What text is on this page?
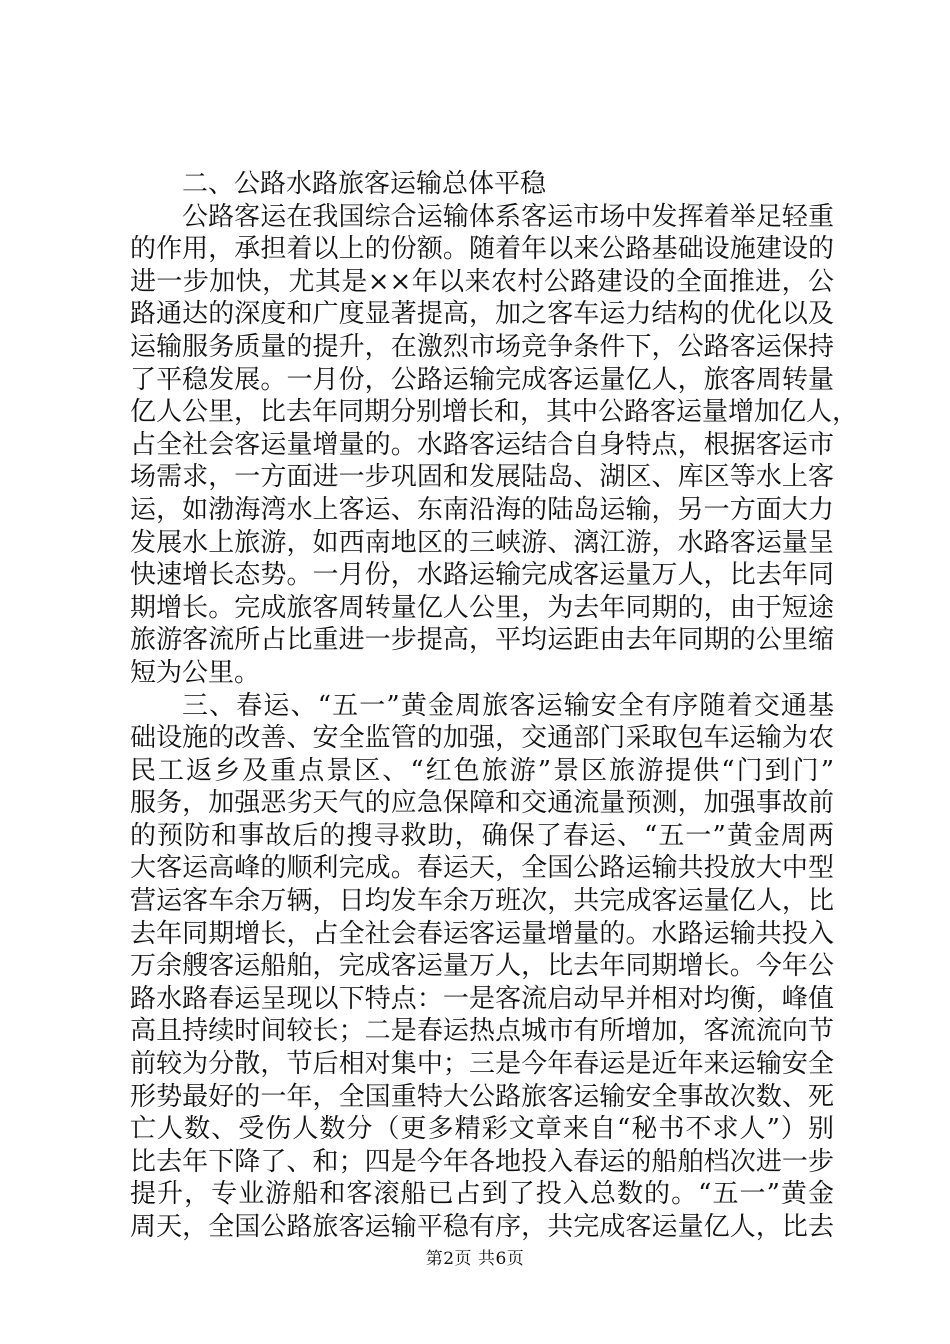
二、公路水路旅客运输总体平稳
公路客运在我国综合运输体系客运市场中发挥着举足轻重
的作用，承担着以上的份额。随着年以来公路基础设施建设的
进一步加快，尤其是××年以来农村公路建设的全面推进，公
路通达的深度和广度显著提高，加之客车运力结构的优化以及
运输服务质量的提升，在激烈市场竞争条件下，公路客运保持
了平稳发展。一月份，公路运输完成客运量亿人，旅客周转量
亿人公里，比去年同期分别增长和，其中公路客运量增加亿人，
占全社会客运量增量的。水路客运结合自身特点，根据客运市
场需求，一方面进一步巩固和发展陆岛、湖区、库区等水上客
运，如渤海湾水上客运、东南沿海的陆岛运输，另一方面大力
发展水上旅游，如西南地区的三峡游、漓江游，水路客运量呈
快速增长态势。一月份，水路运输完成客运量万人，比去年同
期增长。完成旅客周转量亿人公里，为去年同期的，由于短途
旅游客流所占比重进一步提高，平均运距由去年同期的公里缩
短为公里。
三、春运、“五一”黄金周旅客运输安全有序随着交通基
础设施的改善、安全监管的加强，交通部门采取包车运输为农
民工返乡及重点景区、“红色旅游”景区旅游提供“门到门”
服务，加强恶劣天气的应急保障和交通流量预测，加强事故前
的预防和事故后的搜寻救助，确保了春运、“五一”黄金周两
大客运高峰的顺利完成。春运天，全国公路运输共投放大中型
营运客车余万辆，日均发车余万班次，共完成客运量亿人，比
去年同期增长，占全社会春运客运量增量的。水路运输共投入
万余艘客运船舶，完成客运量万人，比去年同期增长。今年公
路水路春运呈现以下特点：一是客流启动早并相对均衡，峰值
高且持续时间较长；二是春运热点城市有所增加，客流流向节
前较为分散，节后相对集中；三是今年春运是近年来运输安全
形势最好的一年，全国重特大公路旅客运输安全事故次数、死
亡人数、受伤人数分（更多精彩文章来自“秘书不求人”）别
比去年下降了、和；四是今年各地投入春运的船舶档次进一步
提升，专业游船和客滚船已占到了投入总数的。“五一”黄金
周天，全国公路旅客运输平稳有序，共完成客运量亿人，比去
第2页 共6页
